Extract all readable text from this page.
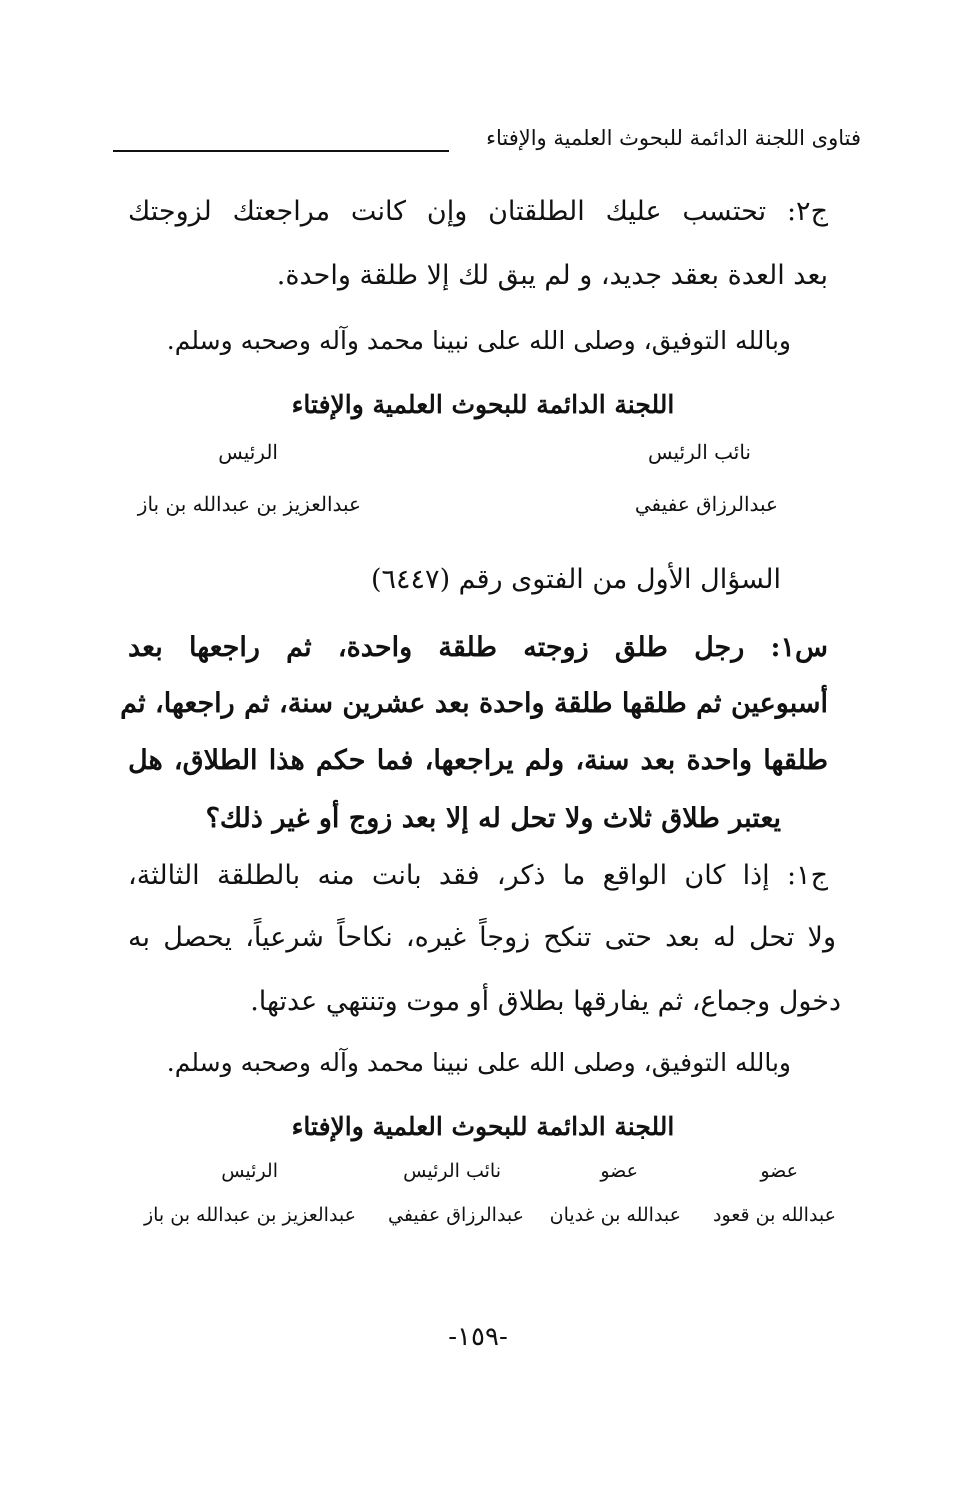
فتاوى اللجنة الدائمة للبحوث العلمية والإفتاء
ج٢: تحتسب عليك الطلقتان وإن كانت مراجعتك لزوجتك
بعد العدة بعقد جديد، و لم يبق لك إلا طلقة واحدة.
وبالله التوفيق، وصلى الله على نبينا محمد وآله وصحبه وسلم.
اللجنة الدائمة للبحوث العلمية والإفتاء
نائب الرئيس
الرئيس
عبدالرزاق عفيفي
عبدالعزيز بن عبدالله بن باز
السؤال الأول من الفتوى رقم (٦٤٤٧)
س١: رجل طلق زوجته طلقة واحدة، ثم راجعها بعد
أسبوعين ثم طلقها طلقة واحدة بعد عشرين سنة، ثم راجعها، ثم
طلقها واحدة بعد سنة، ولم يراجعها، فما حكم هذا الطلاق، هل
يعتبر طلاق ثلاث ولا تحل له إلا بعد زوج أو غير ذلك؟
ج١: إذا كان الواقع ما ذكر، فقد بانت منه بالطلقة الثالثة،
ولا تحل له بعد حتى تنكح زوجاً غيره، نكاحاً شرعياً، يحصل به
دخول وجماع، ثم يفارقها بطلاق أو موت وتنتهي عدتها.
وبالله التوفيق، وصلى الله على نبينا محمد وآله وصحبه وسلم.
اللجنة الدائمة للبحوث العلمية والإفتاء
عضو
عضو
نائب الرئيس
الرئيس
عبدالله بن قعود
عبدالله بن غديان
عبدالرزاق عفيفي
عبدالعزيز بن عبدالله بن باز
-١٥٩-
